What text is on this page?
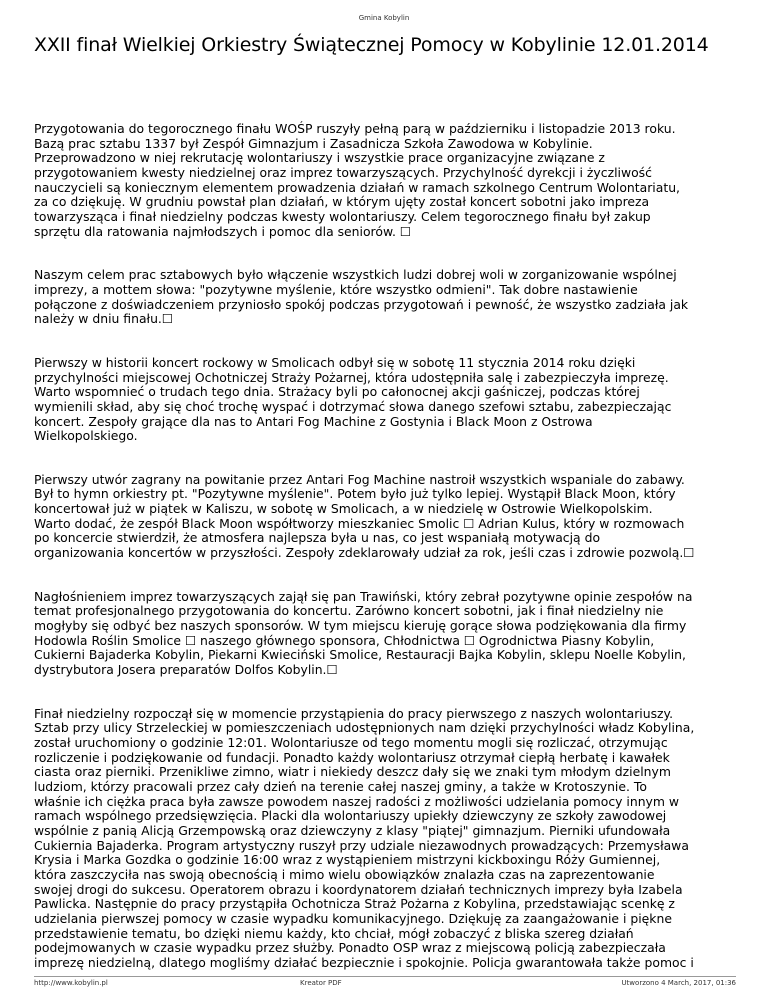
Gmina Kobylin
XXII finał Wielkiej Orkiestry Świątecznej Pomocy w Kobylinie 12.01.2014

Przygotowania do tegorocznego finału WOŚP ruszyły pełną parą w październiku i listopadzie 2013 roku.
Bazą prac sztabu 1337 był Zespół Gimnazjum i Zasadnicza Szkoła Zawodowa w Kobylinie.
Przeprowadzono w niej rekrutację wolontariuszy i wszystkie prace organizacyjne związane z
przygotowaniem kwesty niedzielnej oraz imprez towarzyszących. Przychylność dyrekcji i życzliwość
nauczycieli są koniecznym elementem prowadzenia działań w ramach szkolnego Centrum Wolontariatu,
za co dziękuję. W grudniu powstał plan działań, w którym ujęty został koncert sobotni jako impreza
towarzysząca i finał niedzielny podczas kwesty wolontariuszy. Celem tegorocznego finału był zakup
sprzętu dla ratowania najmłodszych i pomoc dla seniorów. ☐

Naszym celem prac sztabowych było włączenie wszystkich ludzi dobrej woli w zorganizowanie wspólnej
imprezy, a mottem słowa: "pozytywne myślenie, które wszystko odmieni". Tak dobre nastawienie
połączone z doświadczeniem przyniosło spokój podczas przygotowań i pewność, że wszystko zadziała jak
należy w dniu finału.☐

Pierwszy w historii koncert rockowy w Smolicach odbył się w sobotę 11 stycznia 2014 roku dzięki
przychylności miejscowej Ochotniczej Straży Pożarnej, która udostępniła salę i zabezpieczyła imprezę.
Warto wspomnieć o trudach tego dnia. Strażacy byli po całonocnej akcji gaśniczej, podczas której
wymienili skład, aby się choć trochę wyspać i dotrzymać słowa danego szefowi sztabu, zabezpieczając
koncert. Zespoły grające dla nas to Antari Fog Machine z Gostynia i Black Moon z Ostrowa
Wielkopolskiego.

Pierwszy utwór zagrany na powitanie przez Antari Fog Machine nastroił wszystkich wspaniale do zabawy.
Był to hymn orkiestry pt. "Pozytywne myślenie". Potem było już tylko lepiej. Wystąpił Black Moon, który
koncertował już w piątek w Kaliszu, w sobotę w Smolicach, a w niedzielę w Ostrowie Wielkopolskim.
Warto dodać, że zespół Black Moon współtworzy mieszkaniec Smolic ☐ Adrian Kulus, który w rozmowach
po koncercie stwierdził, że atmosfera najlepsza była u nas, co jest wspaniałą motywacją do
organizowania koncertów w przyszłości. Zespoły zdeklarowały udział za rok, jeśli czas i zdrowie pozwolą.☐

Nagłośnieniem imprez towarzyszących zajął się pan Trawiński, który zebrał pozytywne opinie zespołów na
temat profesjonalnego przygotowania do koncertu. Zarówno koncert sobotni, jak i finał niedzielny nie
mogłyby się odbyć bez naszych sponsorów. W tym miejscu kieruję gorące słowa podziękowania dla firmy
Hodowla Roślin Smolice ☐ naszego głównego sponsora, Chłodnictwa ☐ Ogrodnictwa Piasny Kobylin,
Cukierni Bajaderka Kobylin, Piekarni Kwieciński Smolice, Restauracji Bajka Kobylin, sklepu Noelle Kobylin,
dystrybutora Josera preparatów Dolfos Kobylin.☐

Finał niedzielny rozpoczął się w momencie przystąpienia do pracy pierwszego z naszych wolontariuszy.
Sztab przy ulicy Strzeleckiej w pomieszczeniach udostępnionych nam dzięki przychylności władz Kobylina,
został uruchomiony o godzinie 12:01. Wolontariusze od tego momentu mogli się rozliczać, otrzymując
rozliczenie i podziękowanie od fundacji. Ponadto każdy wolontariusz otrzymał ciepłą herbatę i kawałek
ciasta oraz pierniki. Przenikliwe zimno, wiatr i niekiedy deszcz dały się we znaki tym młodym dzielnym
ludziom, którzy pracowali przez cały dzień na terenie całej naszej gminy, a także w Krotoszynie. To
właśnie ich ciężka praca była zawsze powodem naszej radości z możliwości udzielania pomocy innym w
ramach wspólnego przedsięwzięcia. Placki dla wolontariuszy upiekły dziewczyny ze szkoły zawodowej
wspólnie z panią Alicją Grzempowską oraz dziewczyny z klasy "piątej" gimnazjum. Pierniki ufundowała
Cukiernia Bajaderka. Program artystyczny ruszył przy udziale niezawodnych prowadzących: Przemysława
Krysia i Marka Gozdka o godzinie 16:00 wraz z wystąpieniem mistrzyni kickboxingu Róży Gumiennej,
która zaszczyciła nas swoją obecnością i mimo wielu obowiązków znalazła czas na zaprezentowanie
swojej drogi do sukcesu. Operatorem obrazu i koordynatorem działań technicznych imprezy była Izabela
Pawlicka. Następnie do pracy przystąpiła Ochotnicza Straż Pożarna z Kobylina, przedstawiając scenkę z
udzielania pierwszej pomocy w czasie wypadku komunikacyjnego. Dziękuję za zaangażowanie i piękne
przedstawienie tematu, bo dzięki niemu każdy, kto chciał, mógł zobaczyć z bliska szereg działań
podejmowanych w czasie wypadku przez służby. Ponadto OSP wraz z miejscową policją zabezpieczała
imprezę niedzielną, dlatego mogliśmy działać bezpiecznie i spokojnie. Policja gwarantowała także pomoc i

http://www.kobylin.pl	Kreator PDF	Utworzono 4 March, 2017, 01:36
